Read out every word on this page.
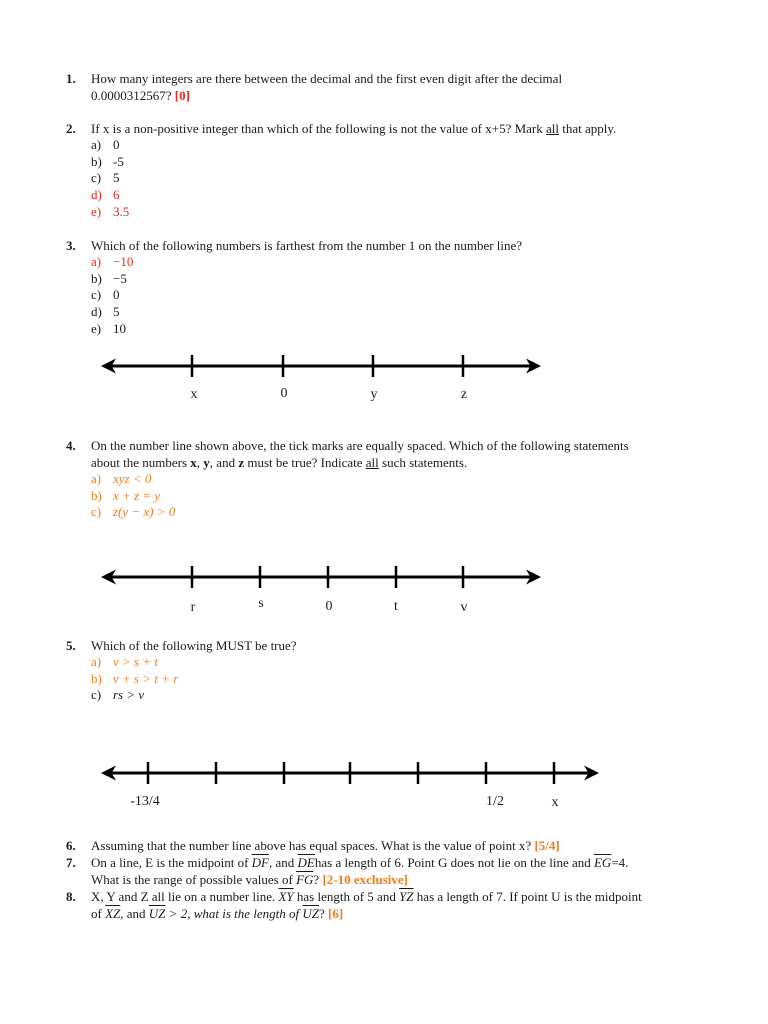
1. How many integers are there between the decimal and the first even digit after the decimal
0.0000312567? [0]
2. If x is a non-positive integer than which of the following is not the value of x+5? Mark all that apply.
a) 0
b) -5
c) 5
d) 6
e) 3.5
3. Which of the following numbers is farthest from the number 1 on the number line?
a) −10
b) −5
c) 0
d) 5
e) 10
x	0	y	z
4. On the number line shown above, the tick marks are equally spaced. Which of the following statements
about the numbers x, y, and z must be true? Indicate all such statements.
a) xyz < 0
b) x + z = y
c) z(y − x) > 0
r	s	0	t	v
5. Which of the following MUST be true?
a) v > s + t
b) v + s > t + r
c) rs > v
-13/4	1/2	x
6. Assuming that the number line above has equal spaces. What is the value of point x? [5/4]
7. On a line, E is the midpoint of $\overline{DF}$, and $\overline{DE}has$ a length of 6. Point G does not lie on the line and $\overline{EG}=4$.
What is the range of possible values of $\overline{FG}$? [2-10 exclusive]
8. X, Y and Z all lie on a number line. $\overline{XY}$ has length of 5 and $\overline{YZ}$ has a length of 7. If point U is the midpoint
of $\overline{XZ}$, and $\overline{UZ} > 2$, what is the length of $\overline{UZ}$? [6]
